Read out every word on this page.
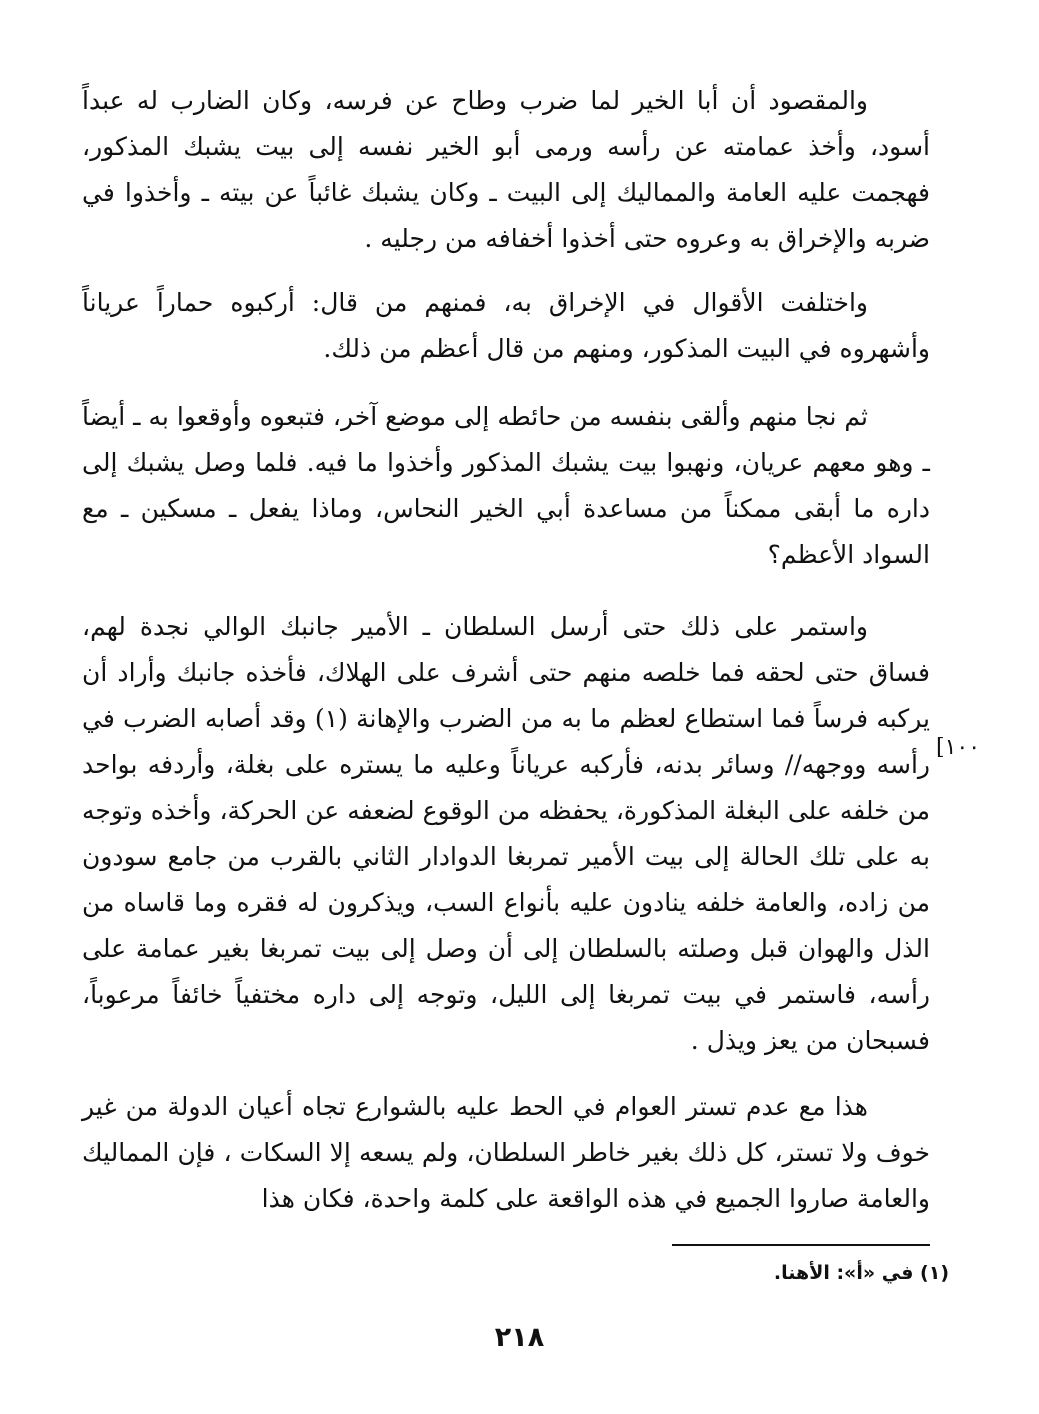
والمقصود أن أبا الخير لما ضرب وطاح عن فرسه، وكان الضارب له عبداً أسود، وأخذ عمامته عن رأسه ورمى أبو الخير نفسه إلى بيت يشبك المذكور، فهجمت عليه العامة والمماليك إلى البيت ـ وكان يشبك غائباً عن بيته ـ وأخذوا في ضربه والإخراق به وعروه حتى أخذوا أخفافه من رجليه .

واختلفت الأقوال في الإخراق به، فمنهم من قال: أركبوه حماراً عرياناً وأشهروه في البيت المذكور، ومنهم من قال أعظم من ذلك.

ثم نجا منهم وألقى بنفسه من حائطه إلى موضع آخر، فتبعوه وأوقعوا به ـ أيضاً ـ وهو معهم عريان، ونهبوا بيت يشبك المذكور وأخذوا ما فيه. فلما وصل يشبك إلى داره ما أبقى ممكناً من مساعدة أبي الخير النحاس، وماذا يفعل ـ مسكين ـ مع السواد الأعظم؟

واستمر على ذلك حتى أرسل السلطان ـ الأمير جانبك الوالي نجدة لهم، فساق حتى لحقه فما خلصه منهم حتى أشرف على الهلاك، فأخذه جانبك وأراد أن يركبه فرساً فما استطاع لعظم ما به من الضرب والإهانة (١) وقد أصابه الضرب في رأسه ووجهه// وسائر بدنه، فأركبه عرياناً وعليه ما يستره على بغلة، وأردفه بواحد من خلفه على البغلة المذكورة، يحفظه من الوقوع لضعفه عن الحركة، وأخذه وتوجه به على تلك الحالة إلى بيت الأمير تمربغا الدوادار الثاني بالقرب من جامع سودون من زاده، والعامة خلفه ينادون عليه بأنواع السب، ويذكرون له فقره وما قاساه من الذل والهوان قبل وصلته بالسلطان إلى أن وصل إلى بيت تمربغا بغير عمامة على رأسه، فاستمر في بيت تمربغا إلى الليل، وتوجه إلى داره مختفياً خائفاً مرعوباً، فسبحان من يعز ويذل .

هذا مع عدم تستر العوام في الحط عليه بالشوارع تجاه أعيان الدولة من غير خوف ولا تستر، كل ذلك بغير خاطر السلطان، ولم يسعه إلا السكات ، فإن المماليك والعامة صاروا الجميع في هذه الواقعة على كلمة واحدة، فكان هذا

[١٠٠
(١) في «أ»: الأهنا.
٢١٨
